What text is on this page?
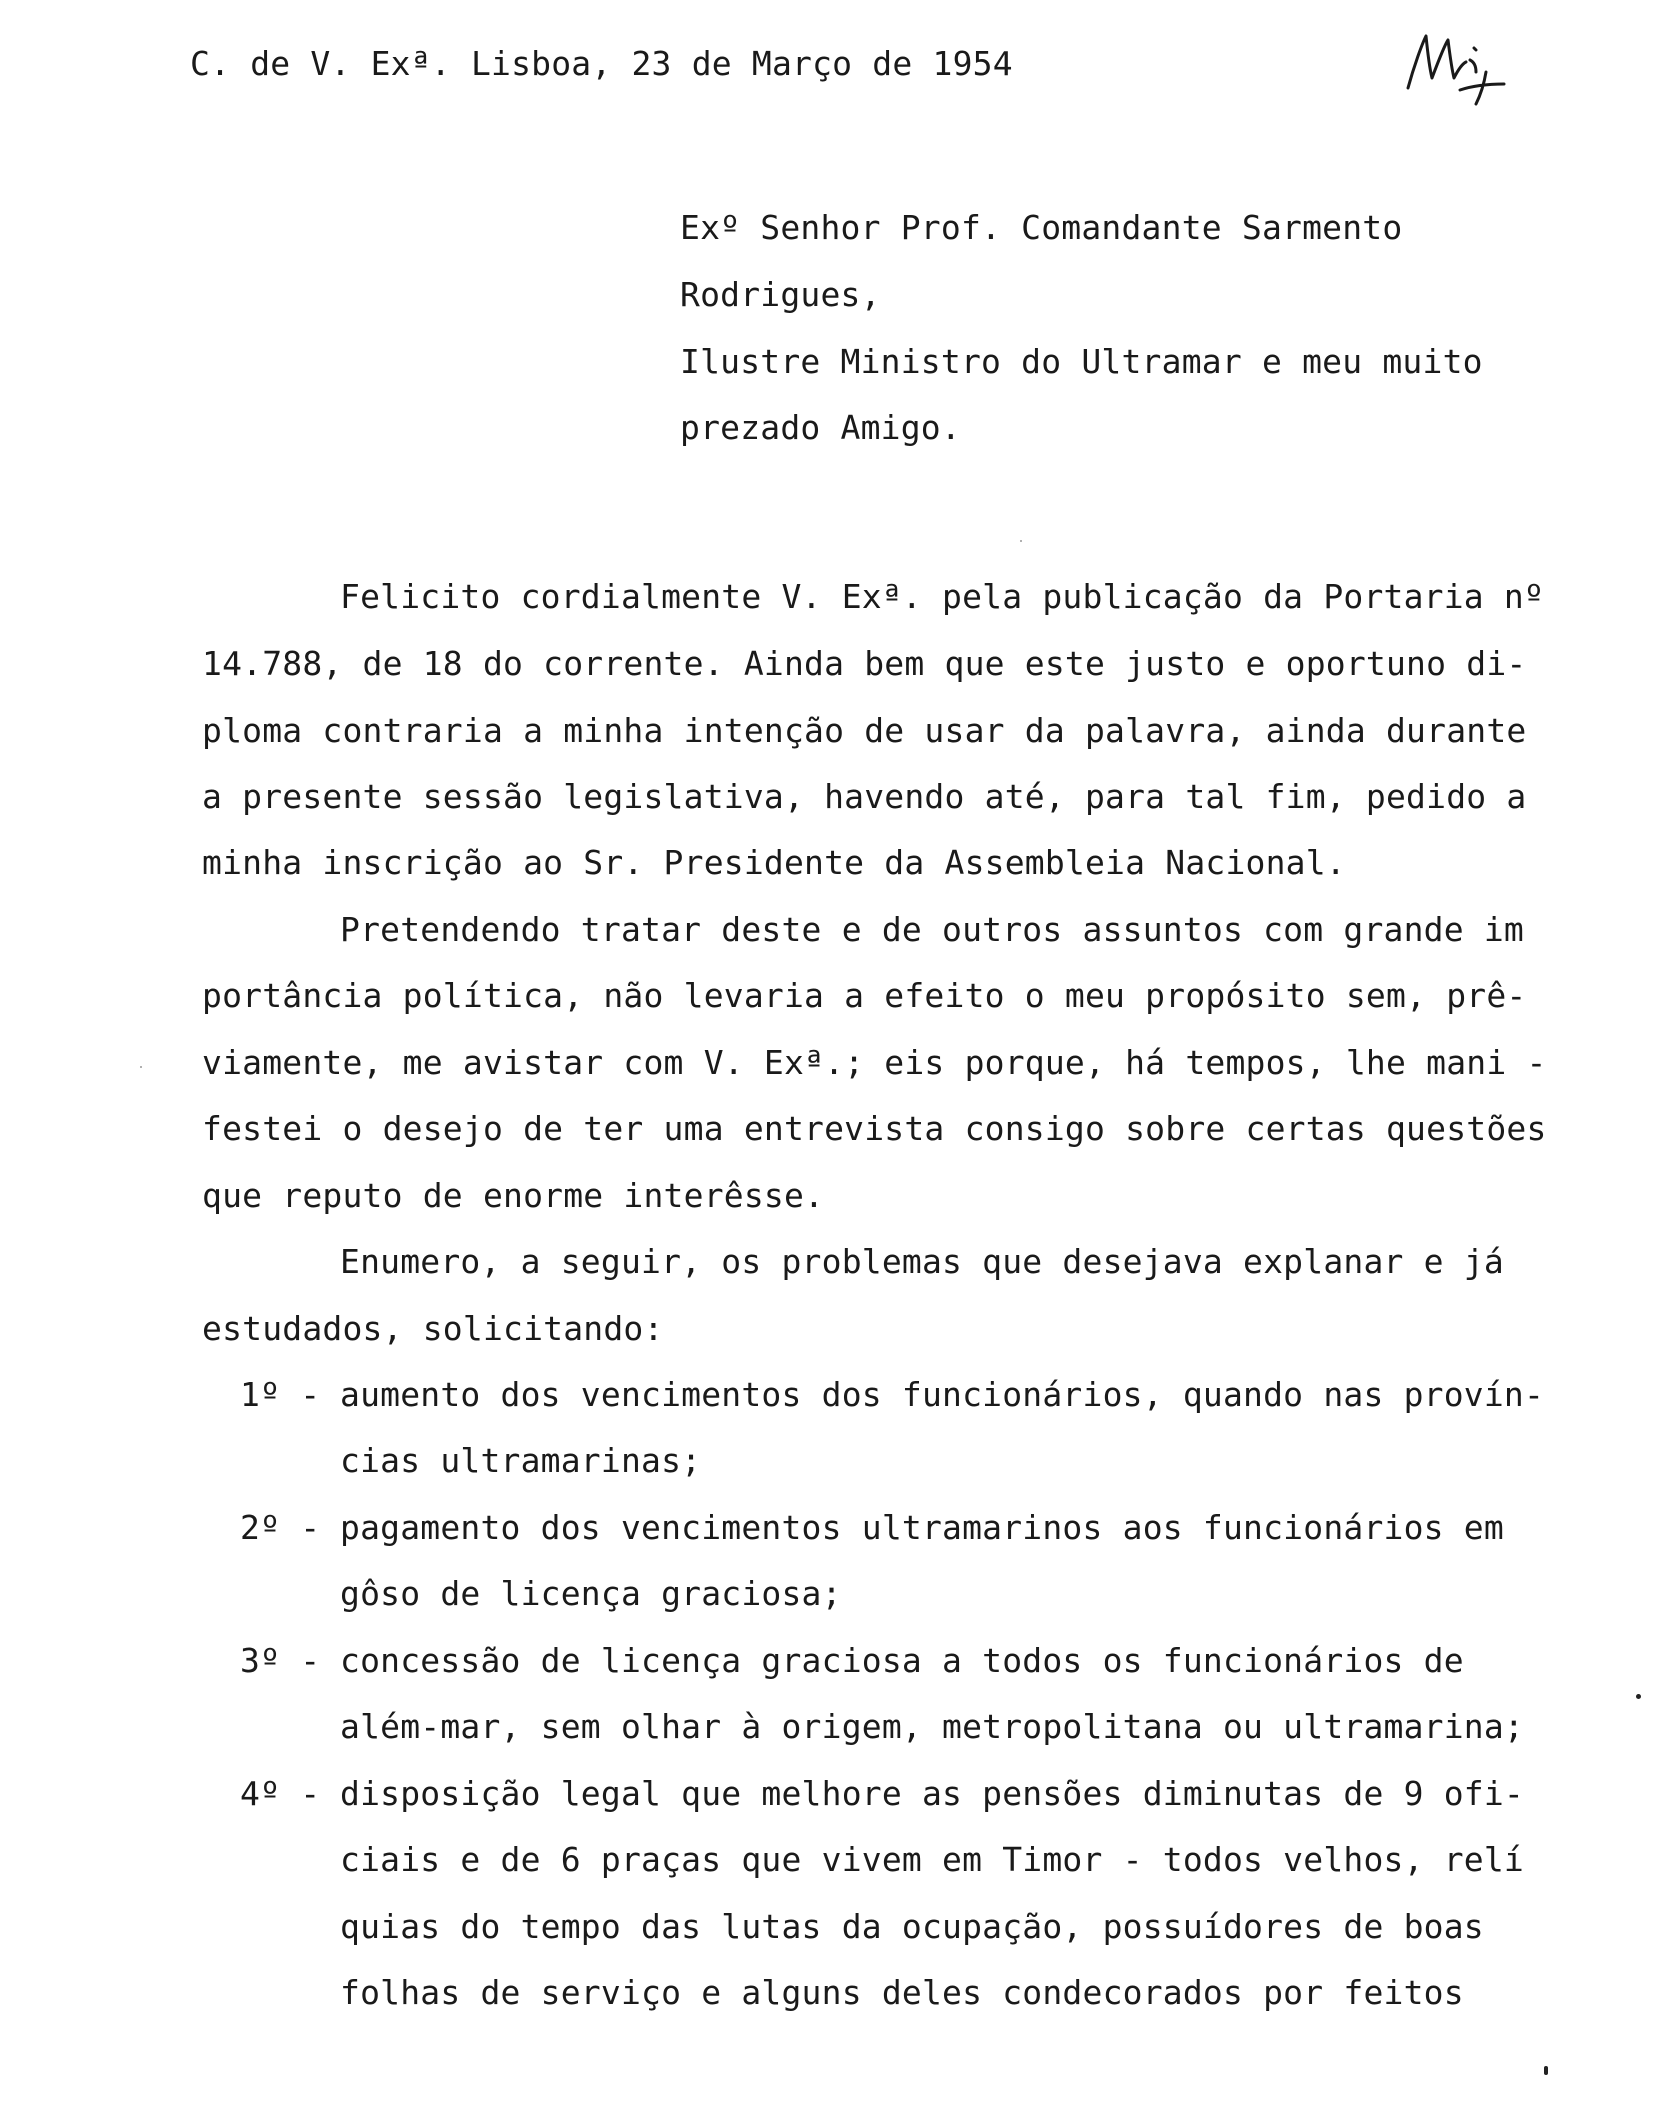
C. de V. Exª. Lisboa, 23 de Março de 1954
Exº Senhor Prof. Comandante Sarmento
Rodrigues,
Ilustre Ministro do Ultramar e meu muito
prezado Amigo.
Felicito cordialmente V. Exª. pela publicação da Portaria nº
14.788, de 18 do corrente. Ainda bem que este justo e oportuno di-
ploma contraria a minha intenção de usar da palavra, ainda durante
a presente sessão legislativa, havendo até, para tal fim, pedido a
minha inscrição ao Sr. Presidente da Assembleia Nacional.
Pretendendo tratar deste e de outros assuntos com grande im
portância política, não levaria a efeito o meu propósito sem, prê-
viamente, me avistar com V. Exª.; eis porque, há tempos, lhe mani -
festei o desejo de ter uma entrevista consigo sobre certas questões
que reputo de enorme interêsse.
Enumero, a seguir, os problemas que desejava explanar e já
estudados, solicitando:
1º - aumento dos vencimentos dos funcionários, quando nas provín-
cias ultramarinas;
2º - pagamento dos vencimentos ultramarinos aos funcionários em
gôso de licença graciosa;
3º - concessão de licença graciosa a todos os funcionários de
além-mar, sem olhar à origem, metropolitana ou ultramarina;
4º - disposição legal que melhore as pensões diminutas de 9 ofi-
ciais e de 6 praças que vivem em Timor - todos velhos, relí
quias do tempo das lutas da ocupação, possuídores de boas
folhas de serviço e alguns deles condecorados por feitos
